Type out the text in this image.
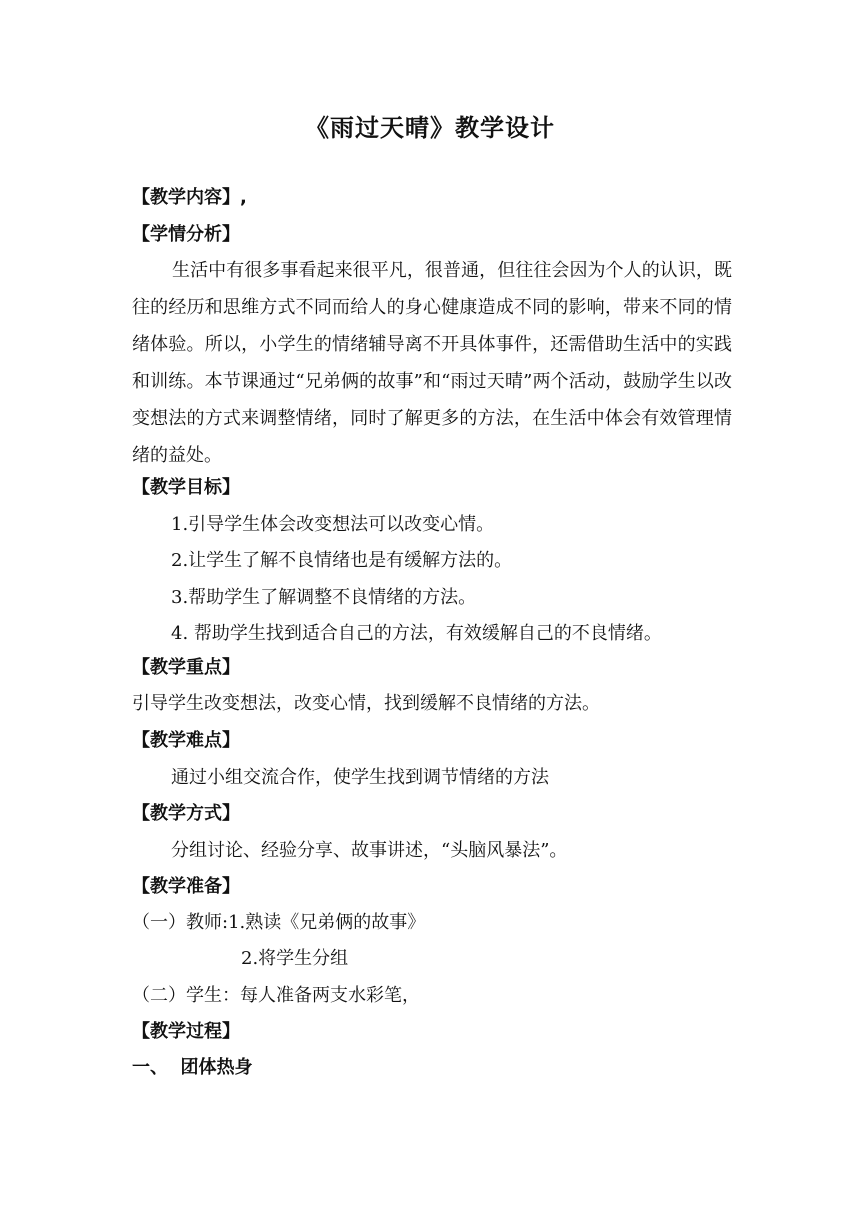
《雨过天晴》教学设计
【教学内容】,
【学情分析】
生活中有很多事看起来很平凡，很普通，但往往会因为个人的认识，既往的经历和思维方式不同而给人的身心健康造成不同的影响，带来不同的情绪体验。所以，小学生的情绪辅导离不开具体事件，还需借助生活中的实践和训练。本节课通过“兄弟俩的故事”和“雨过天晴”两个活动，鼓励学生以改变想法的方式来调整情绪，同时了解更多的方法，在生活中体会有效管理情绪的益处。
【教学目标】
1.引导学生体会改变想法可以改变心情。
2.让学生了解不良情绪也是有缓解方法的。
3.帮助学生了解调整不良情绪的方法。
4. 帮助学生找到适合自己的方法，有效缓解自己的不良情绪。
【教学重点】
引导学生改变想法，改变心情，找到缓解不良情绪的方法。
【教学难点】
通过小组交流合作，使学生找到调节情绪的方法
【教学方式】
分组讨论、经验分享、故事讲述，“头脑风暴法”。
【教学准备】
（一）教师:1.熟读《兄弟俩的故事》
2.将学生分组
（二）学生：每人准备两支水彩笔，
【教学过程】
一、  团体热身
